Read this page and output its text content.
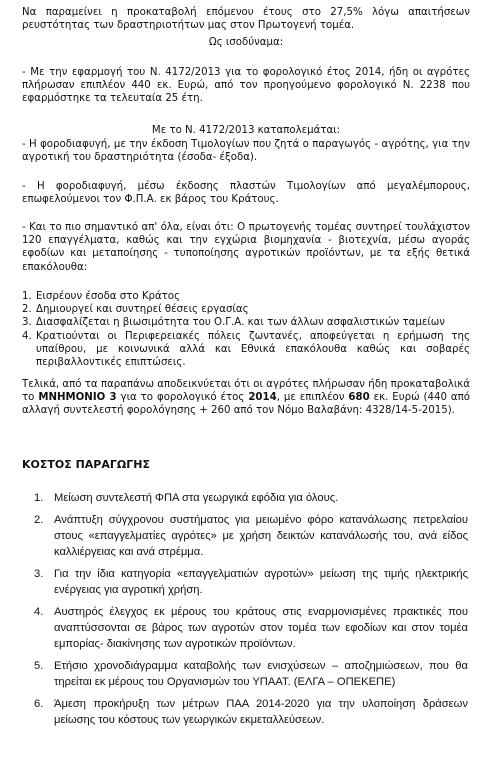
Να παραμείνει η προκαταβολή επόμενου έτους στο 27,5% λόγω απαιτήσεων ρευστότητας των δραστηριοτήτων μας στον Πρωτογενή τομέα.

Ως ισοδύναμα:

- Με την εφαρμογή του Ν. 4172/2013 για το φορολογικό έτος 2014, ήδη οι αγρότες πλήρωσαν επιπλέον 440 εκ. Ευρώ, από τον προηγούμενο φορολογικό Ν. 2238 που εφαρμόστηκε τα τελευταία 25 έτη.

Με το Ν. 4172/2013 καταπολεμάται:

- Η φοροδιαφυγή, με την έκδοση Τιμολογίων που ζητά ο παραγωγός - αγρότης, για την αγροτική του δραστηριότητα (έσοδα- έξοδα).

- Η φοροδιαφυγή, μέσω έκδοσης πλαστών Τιμολογίων από μεγαλέμπορους, επωφελούμενοι τον Φ.Π.Α. εκ βάρος του Κράτους.

- Και το πιο σημαντικό απ' όλα, είναι ότι: Ο πρωτογενής τομέας συντηρεί τουλάχιστον 120 επαγγέλματα, καθώς και την εγχώρια βιομηχανία - βιοτεχνία, μέσω αγοράς εφοδίων και μεταποίησης - τυποποίησης αγροτικών προϊόντων, με τα εξής θετικά επακόλουθα:

1. Εισρέουν έσοδα στο Κράτος
2. Δημιουργεί και συντηρεί θέσεις εργασίας
3. Διασφαλίζεται η βιωσιμότητα του Ο.Γ.Α. και των άλλων ασφαλιστικών ταμείων
4. Κρατιούνται οι Περιφερειακές πόλεις ζωντανές, αποφεύγεται η ερήμωση της υπαίθρου, με κοινωνικά αλλά και Εθνικά επακόλουθα καθώς και σοβαρές περιβαλλοντικές επιπτώσεις.

Τελικά, από τα παραπάνω αποδεικνύεται ότι οι αγρότες πλήρωσαν ήδη προκαταβολικά το ΜΝΗΜΟΝΙΟ 3 για το φορολογικό έτος 2014, με επιπλέον 680 εκ. Ευρώ (440 από αλλαγή συντελεστή φορολόγησης + 260 από τον Νόμο Βαλαβάνη: 4328/14-5-2015).

ΚΟΣΤΟΣ ΠΑΡΑΓΩΓΗΣ
1. Μείωση συντελεστή ΦΠΑ στα γεωργικά εφόδια για όλους.
2. Ανάπτυξη σύγχρονου συστήματος για μειωμένο φόρο κατανάλωσης πετρελαίου στους «επαγγελματίες αγρότες» με χρήση δεικτών κατανάλωσής του, ανά είδος καλλιέργειας και ανά στρέμμα.
3. Για την ίδια κατηγορία «επαγγελματιών αγροτών» μείωση της τιμής ηλεκτρικής ενέργειας για αγροτική χρήση.
4. Αυστηρός έλεγχος εκ μέρους του κράτους στις εναρμονισμένες πρακτικές που αναπτύσσονται σε βάρος των αγροτών στον τομέα των εφοδίων και στον τομέα εμπορίας- διακίνησης των αγροτικών προϊόντων.
5. Ετήσιο χρονοδιάγραμμα καταβολής των ενισχύσεων – αποζημιώσεων, που θα τηρείται εκ μέρους του Οργανισμών του ΥΠΑΑΤ. (ΕΛΓΑ – ΟΠΕΚΕΠΕ)
6. Άμεση προκήρυξη των μέτρων ΠΑΑ 2014-2020 για την υλοποίηση δράσεων μείωσης του κόστους των γεωργικών εκμεταλλεύσεων.
